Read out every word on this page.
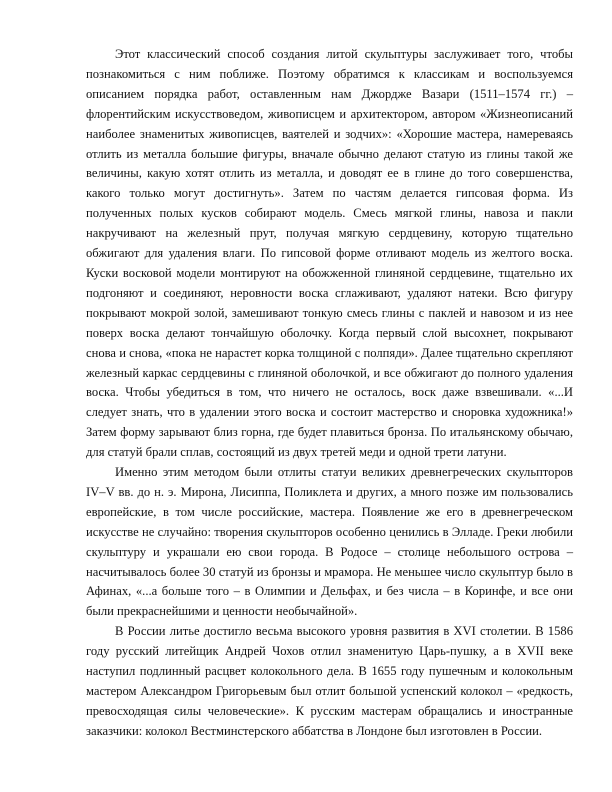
Этот классический способ создания литой скульптуры заслуживает того, чтобы познакомиться с ним поближе. Поэтому обратимся к классикам и воспользуемся описанием порядка работ, оставленным нам Джордже Вазари (1511–1574 гг.) – флорентийским искусствоведом, живописцем и архитектором, автором «Жизнеописаний наиболее знаменитых живописцев, ваятелей и зодчих»: «Хорошие мастера, намереваясь отлить из металла большие фигуры, вначале обычно делают статую из глины такой же величины, какую хотят отлить из металла, и доводят ее в глине до того совершенства, какого только могут достигнуть». Затем по частям делается гипсовая форма. Из полученных полых кусков собирают модель. Смесь мягкой глины, навоза и пакли накручивают на железный прут, получая мягкую сердцевину, которую тщательно обжигают для удаления влаги. По гипсовой форме отливают модель из желтого воска. Куски восковой модели монтируют на обожженной глиняной сердцевине, тщательно их подгоняют и соединяют, неровности воска сглаживают, удаляют натеки. Всю фигуру покрывают мокрой золой, замешивают тонкую смесь глины с паклей и навозом и из нее поверх воска делают тончайшую оболочку. Когда первый слой высохнет, покрывают снова и снова, «пока не нарастет корка толщиной с полпяди». Далее тщательно скрепляют железный каркас сердцевины с глиняной оболочкой, и все обжигают до полного удаления воска. Чтобы убедиться в том, что ничего не осталось, воск даже взвешивали. «...И следует знать, что в удалении этого воска и состоит мастерство и сноровка художника!» Затем форму зарывают близ горна, где будет плавиться бронза. По итальянскому обычаю, для статуй брали сплав, состоящий из двух третей меди и одной трети латуни.

Именно этим методом были отлиты статуи великих древнегреческих скульпторов IV–V вв. до н. э. Мирона, Лисиппа, Поликлета и других, а много позже им пользовались европейские, в том числе российские, мастера. Появление же его в древнегреческом искусстве не случайно: творения скульпторов особенно ценились в Элладе. Греки любили скульптуру и украшали ею свои города. В Родосе – столице небольшого острова – насчитывалось более 30 статуй из бронзы и мрамора. Не меньшее число скульптур было в Афинах, «...а больше того – в Олимпии и Дельфах, и без числа – в Коринфе, и все они были прекраснейшими и ценности необычайной».

В России литье достигло весьма высокого уровня развития в XVI столетии. В 1586 году русский литейщик Андрей Чохов отлил знаменитую Царь-пушку, а в XVII веке наступил подлинный расцвет колокольного дела. В 1655 году пушечным и колокольным мастером Александром Григорьевым был отлит большой успенский колокол – «редкость, превосходящая силы человеческие». К русским мастерам обращались и иностранные заказчики: колокол Вестминстерского аббатства в Лондоне был изготовлен в России.
